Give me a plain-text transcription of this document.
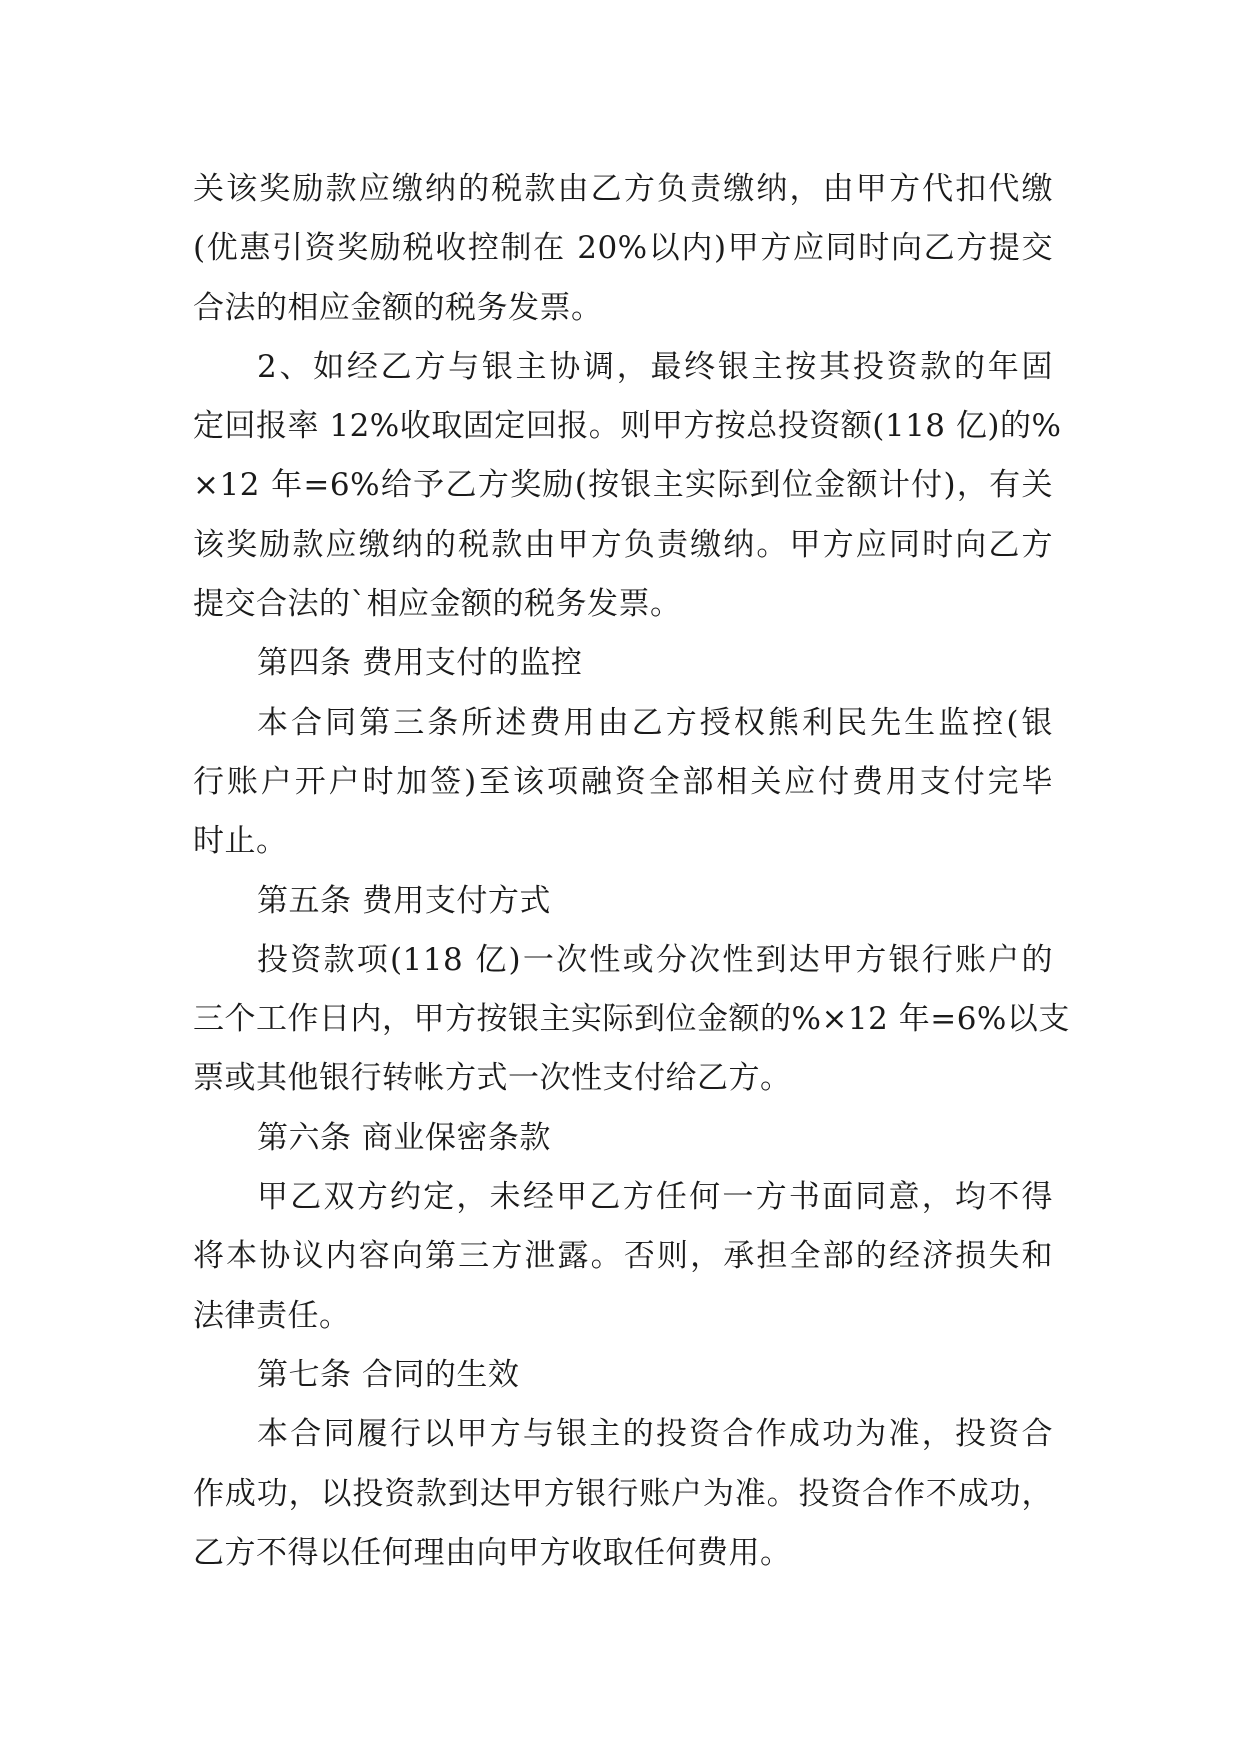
关该奖励款应缴纳的税款由乙方负责缴纳，由甲方代扣代缴
(优惠引资奖励税收控制在 20%以内)甲方应同时向乙方提交
合法的相应金额的税务发票。
2、如经乙方与银主协调，最终银主按其投资款的年固
定回报率 12%收取固定回报。则甲方按总投资额(118 亿)的%
×12 年=6%给予乙方奖励(按银主实际到位金额计付)，有关
该奖励款应缴纳的税款由甲方负责缴纳。甲方应同时向乙方
提交合法的`相应金额的税务发票。
第四条 费用支付的监控
本合同第三条所述费用由乙方授权熊利民先生监控(银
行账户开户时加签)至该项融资全部相关应付费用支付完毕
时止。
第五条 费用支付方式
投资款项(118 亿)一次性或分次性到达甲方银行账户的
三个工作日内，甲方按银主实际到位金额的%×12 年=6%以支
票或其他银行转帐方式一次性支付给乙方。
第六条 商业保密条款
甲乙双方约定，未经甲乙方任何一方书面同意，均不得
将本协议内容向第三方泄露。否则，承担全部的经济损失和
法律责任。
第七条 合同的生效
本合同履行以甲方与银主的投资合作成功为准，投资合
作成功，以投资款到达甲方银行账户为准。投资合作不成功，
乙方不得以任何理由向甲方收取任何费用。
